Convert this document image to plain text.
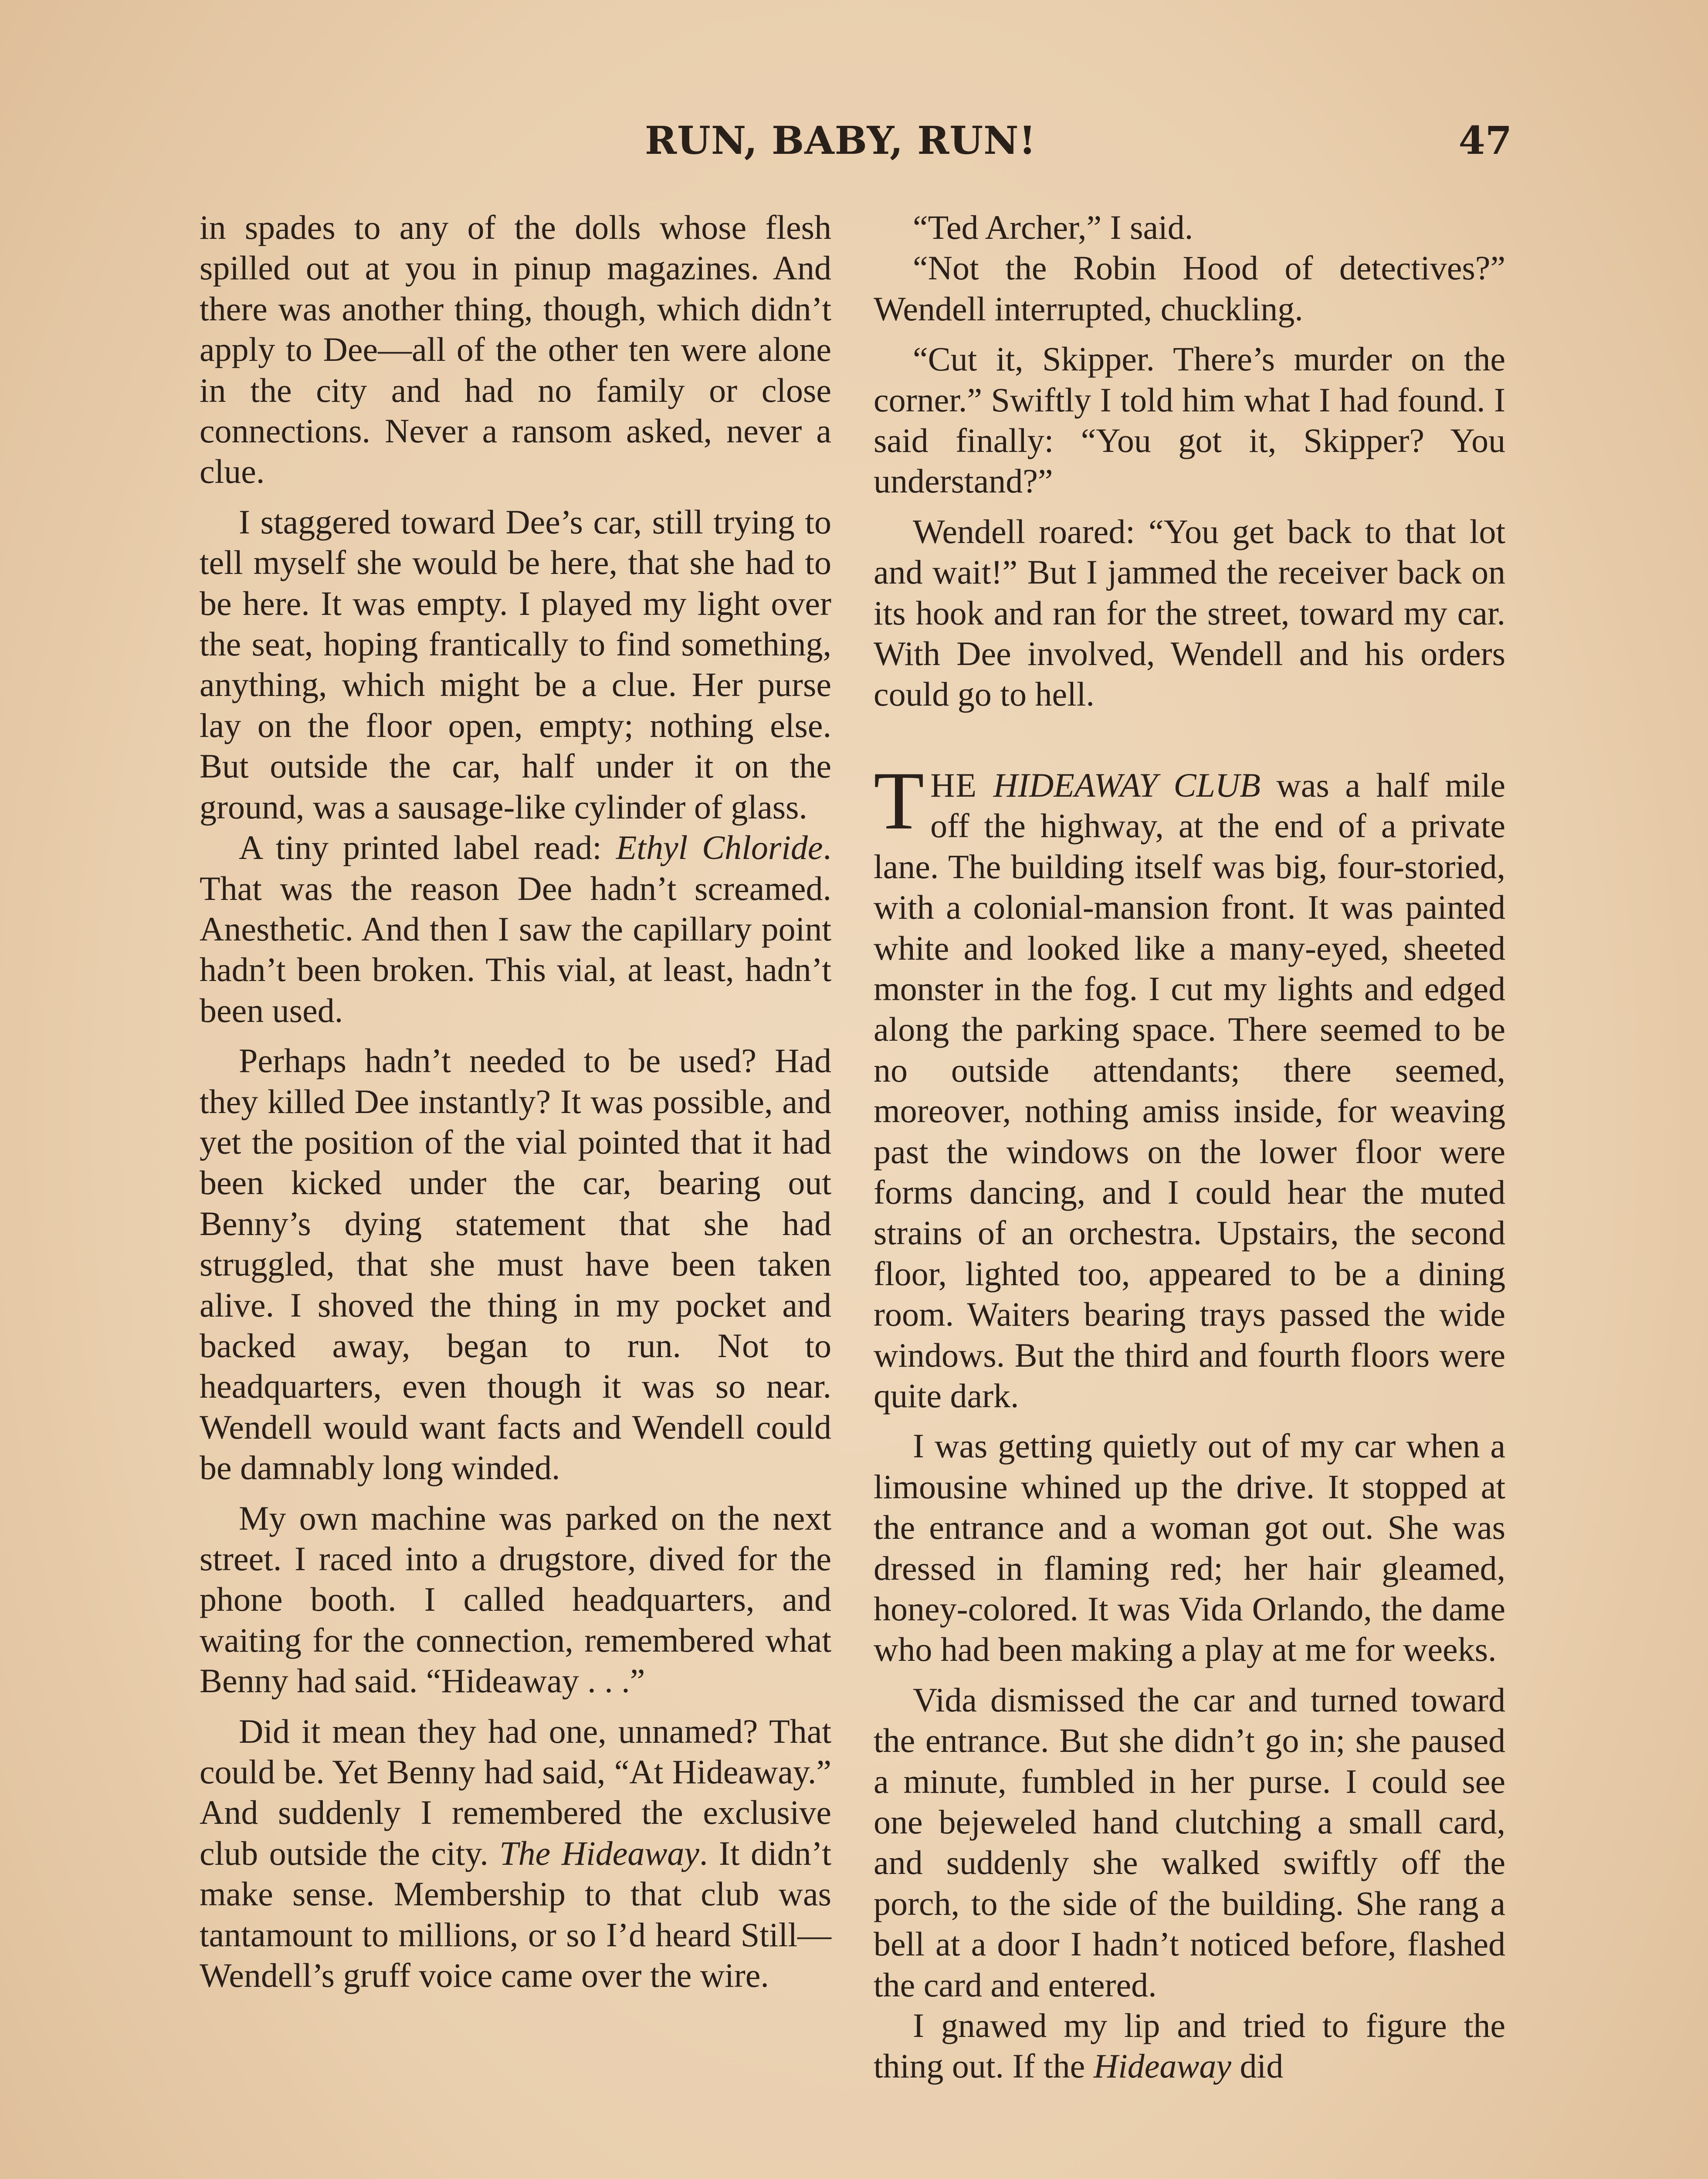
RUN, BABY, RUN!	47

in spades to any of the dolls whose flesh spilled out at you in pinup magazines. And there was another thing, though, which didn’t apply to Dee—all of the other ten were alone in the city and had no family or close connections. Never a ransom asked, never a clue.

I staggered toward Dee’s car, still trying to tell myself she would be here, that she had to be here. It was empty. I played my light over the seat, hoping frantically to find something, anything, which might be a clue. Her purse lay on the floor open, empty; nothing else. But outside the car, half under it on the ground, was a sausage-like cylinder of glass.

A tiny printed label read: Ethyl Chloride. That was the reason Dee hadn’t screamed. Anesthetic. And then I saw the capillary point hadn’t been broken. This vial, at least, hadn’t been used.

Perhaps hadn’t needed to be used? Had they killed Dee instantly? It was possible, and yet the position of the vial pointed that it had been kicked under the car, bearing out Benny’s dying statement that she had struggled, that she must have been taken alive. I shoved the thing in my pocket and backed away, began to run. Not to headquarters, even though it was so near. Wendell would want facts and Wendell could be damnably long winded.

My own machine was parked on the next street. I raced into a drugstore, dived for the phone booth. I called headquarters, and waiting for the connection, remembered what Benny had said. “Hideaway . . .”

Did it mean they had one, unnamed? That could be. Yet Benny had said, “At Hideaway.” And suddenly I remembered the exclusive club outside the city. The Hideaway. It didn’t make sense. Membership to that club was tantamount to millions, or so I’d heard Still—Wendell’s gruff voice came over the wire.

“Ted Archer,” I said.

“Not the Robin Hood of detectives?” Wendell interrupted, chuckling.

“Cut it, Skipper. There’s murder on the corner.” Swiftly I told him what I had found. I said finally: “You got it, Skipper? You understand?”

Wendell roared: “You get back to that lot and wait!” But I jammed the receiver back on its hook and ran for the street, toward my car. With Dee involved, Wendell and his orders could go to hell.

THE HIDEAWAY CLUB was a half mile off the highway, at the end of a private lane. The building itself was big, four-storied, with a colonial-mansion front. It was painted white and looked like a many-eyed, sheeted monster in the fog. I cut my lights and edged along the parking space. There seemed to be no outside attendants; there seemed, moreover, nothing amiss inside, for weaving past the windows on the lower floor were forms dancing, and I could hear the muted strains of an orchestra. Upstairs, the second floor, lighted too, appeared to be a dining room. Waiters bearing trays passed the wide windows. But the third and fourth floors were quite dark.

I was getting quietly out of my car when a limousine whined up the drive. It stopped at the entrance and a woman got out. She was dressed in flaming red; her hair gleamed, honey-colored. It was Vida Orlando, the dame who had been making a play at me for weeks.

Vida dismissed the car and turned toward the entrance. But she didn’t go in; she paused a minute, fumbled in her purse. I could see one bejeweled hand clutching a small card, and suddenly she walked swiftly off the porch, to the side of the building. She rang a bell at a door I hadn’t noticed before, flashed the card and entered.

I gnawed my lip and tried to figure the thing out. If the Hideaway did
